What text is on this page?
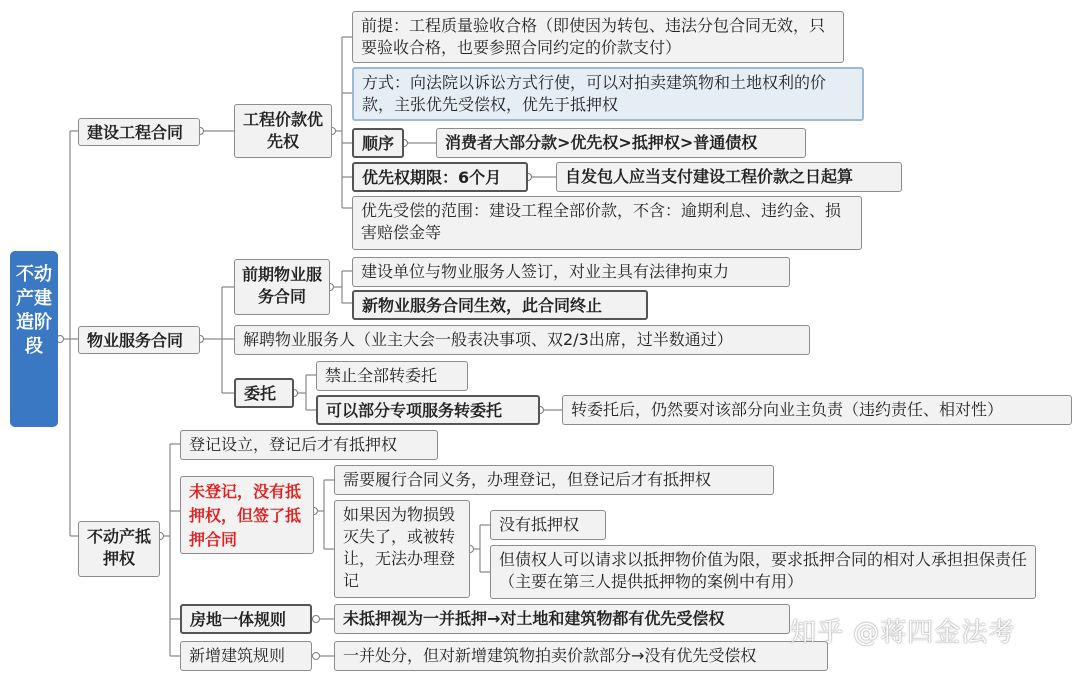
不动产建造阶段
建设工程合同
工程价款优先权
前提：工程质量验收合格（即使因为转包、违法分包合同无效，只要验收合格，也要参照合同约定的价款支付）
方式：向法院以诉讼方式行使，可以对拍卖建筑物和土地权利的价款，主张优先受偿权，优先于抵押权
顺序	消费者大部分款>优先权>抵押权>普通债权
优先权期限：6个月	自发包人应当支付建设工程价款之日起算
优先受偿的范围：建设工程全部价款，不含：逾期利息、违约金、损害赔偿金等
物业服务合同
前期物业服务合同
建设单位与物业服务人签订，对业主具有法律拘束力
新物业服务合同生效，此合同终止
解聘物业服务人（业主大会一般表决事项、双2/3出席，过半数通过）
委托
禁止全部转委托
可以部分专项服务转委托	转委托后，仍然要对该部分向业主负责（违约责任、相对性）
不动产抵押权
登记设立，登记后才有抵押权
未登记，没有抵押权，但签了抵押合同
需要履行合同义务，办理登记，但登记后才有抵押权
如果因为物损毁灭失了，或被转让，无法办理登记
没有抵押权
但债权人可以请求以抵押物价值为限，要求抵押合同的相对人承担担保责任（主要在第三人提供抵押物的案例中有用）
房地一体规则	未抵押视为一并抵押→对土地和建筑物都有优先受偿权
新增建筑规则	一并处分，但对新增建筑物拍卖价款部分→没有优先受偿权
知乎 @蒋四金法考
